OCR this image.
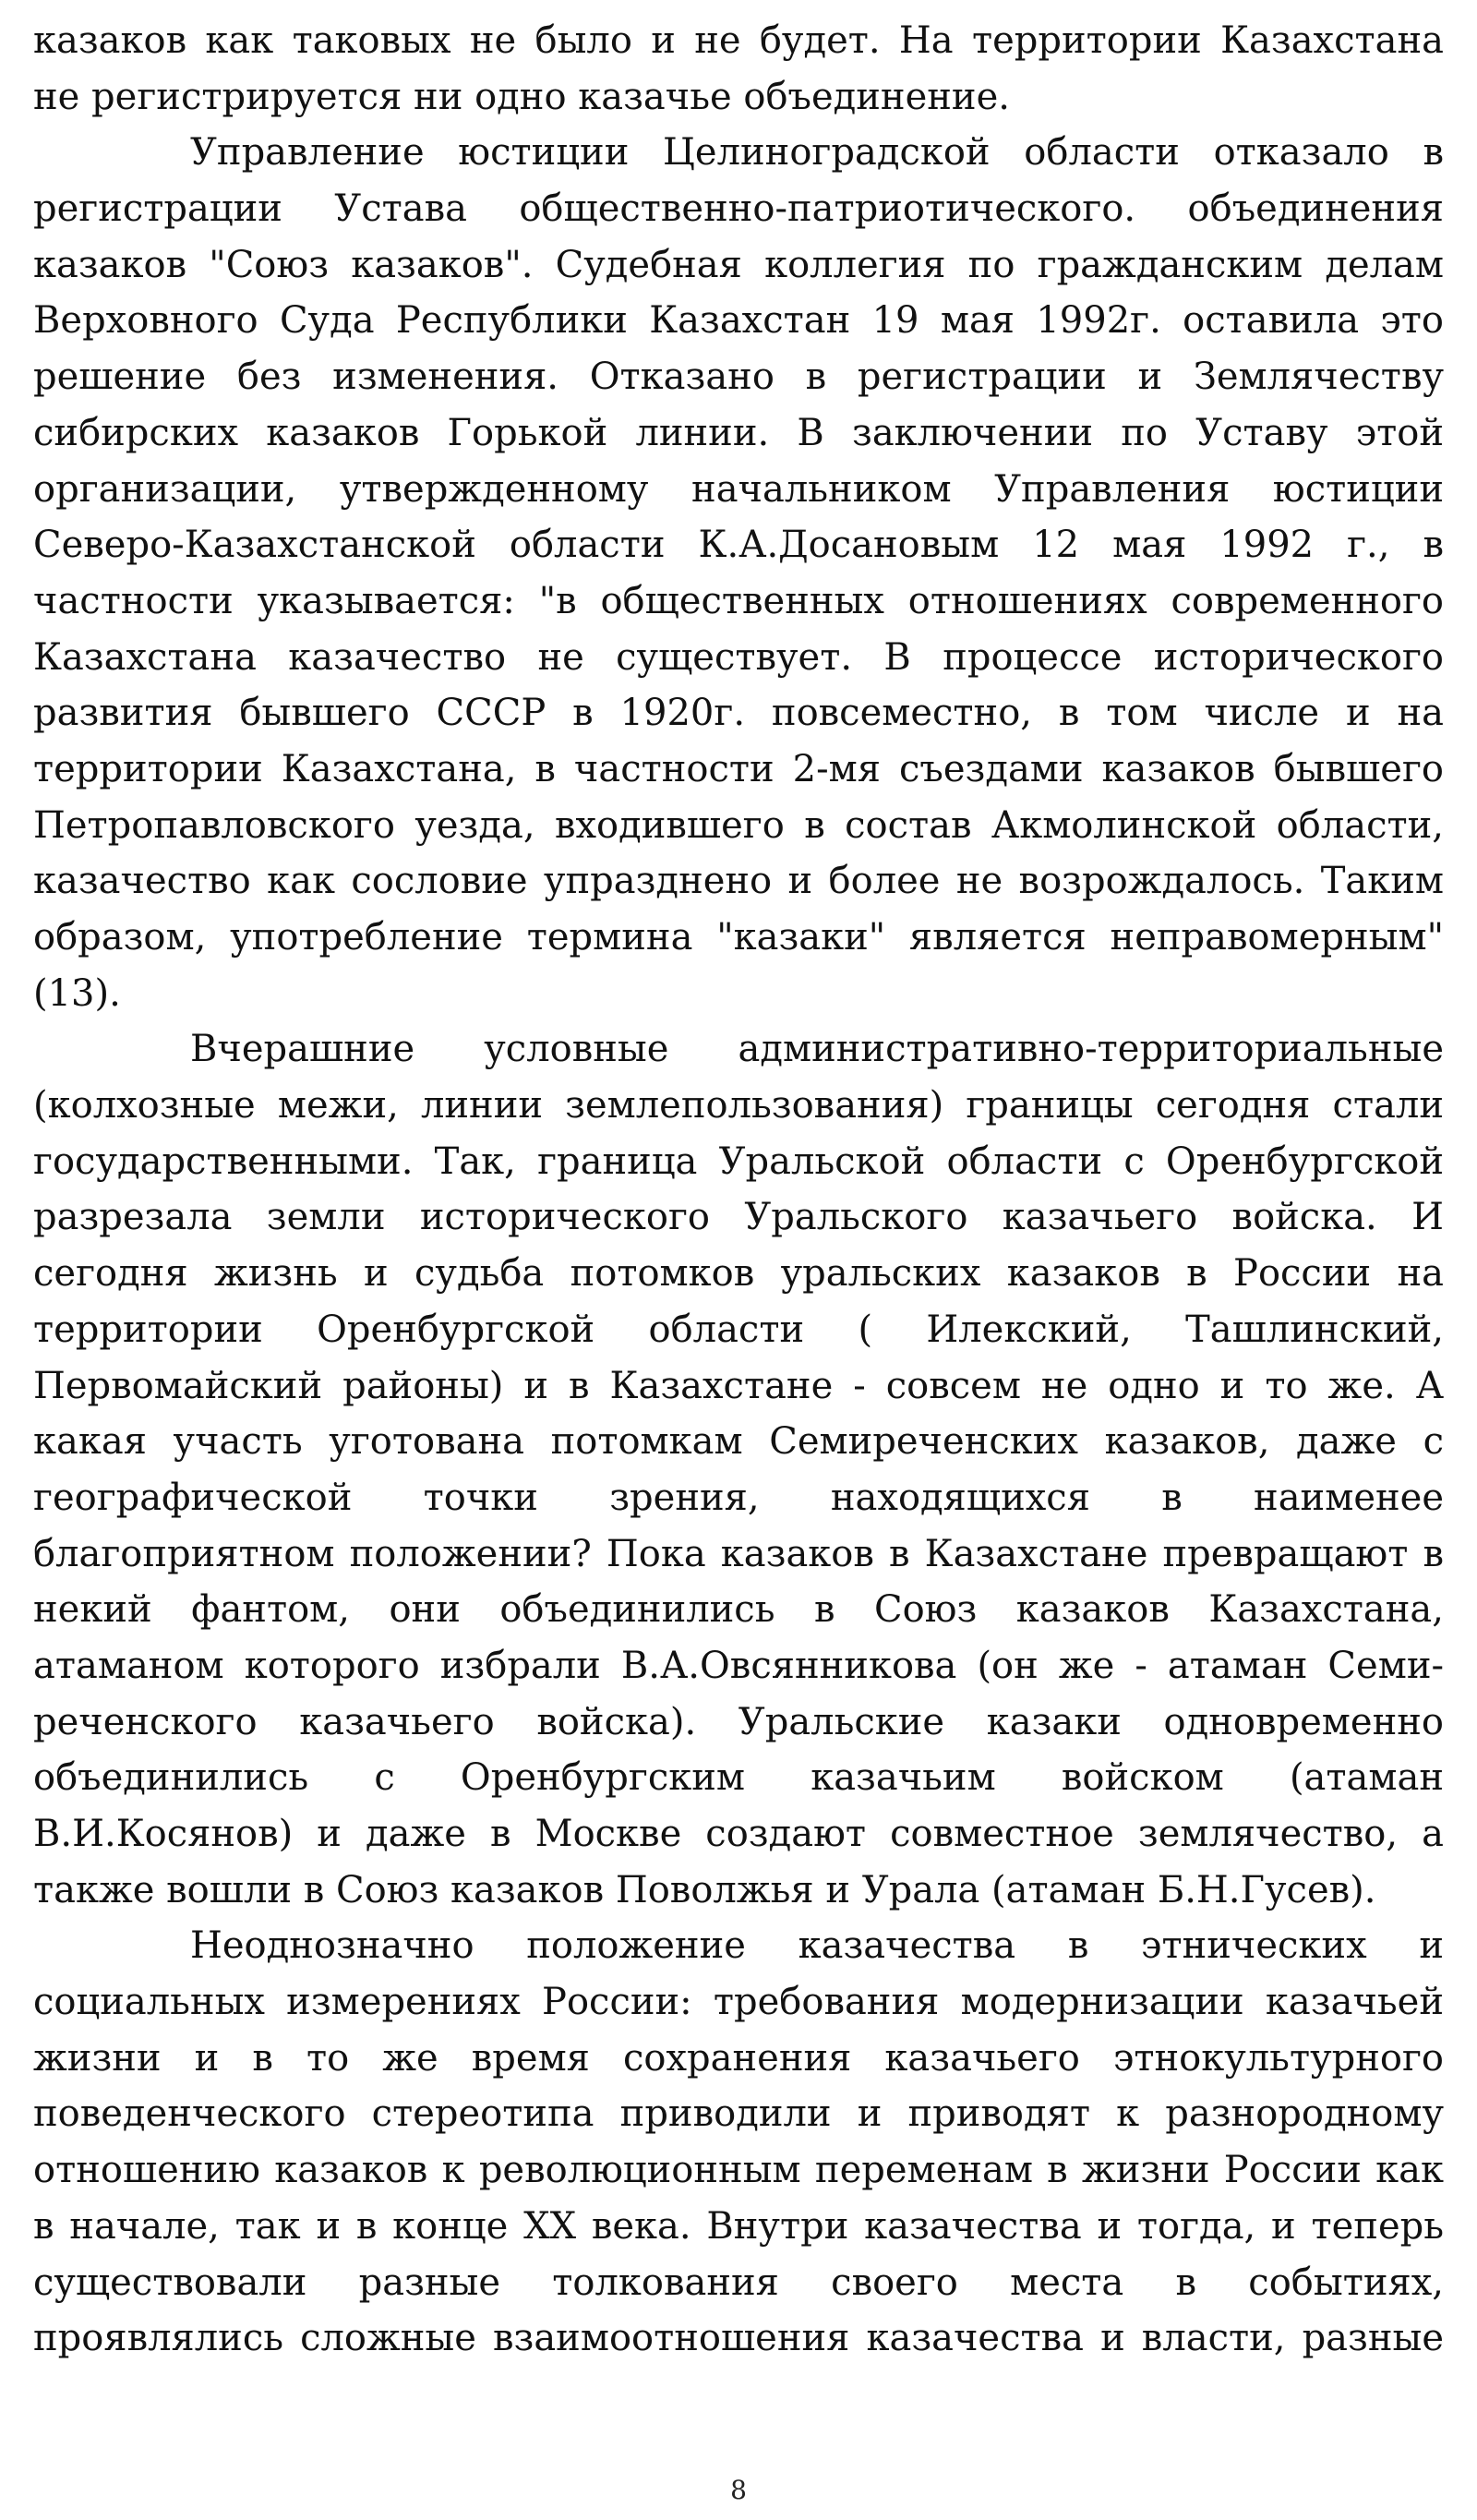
казаков как таковых не было и не будет. На территории Казахстана
не регистрируется ни одно казачье объединение.
Управление юстиции Целиноградской области отказало в
регистрации Устава общественно-патриотического. объединения
казаков "Союз казаков". Судебная коллегия по гражданским делам
Верховного Суда Республики Казахстан 19 мая 1992г. оставила это
решение без изменения. Отказано в регистрации и Землячеству
сибирских казаков Горькой линии. В заключении по Уставу этой
организации, утвержденному начальником Управления юстиции
Северо-Казахстанской области К.А.Досановым 12 мая 1992 г., в
частности указывается: "в общественных отношениях современного
Казахстана казачество не существует. В процессе исторического
развития бывшего СССР в 1920г. повсеместно, в том числе и на
территории Казахстана, в частности 2-мя съездами казаков бывшего
Петропавловского уезда, входившего в состав Акмолинской области,
казачество как сословие упразднено и более не возрождалось. Таким
образом, употребление термина "казаки" является неправомерным"
(13).
Вчерашние условные административно-территориальные
(колхозные межи, линии землепользования) границы сегодня стали
государственными. Так, граница Уральской области с Оренбургской
разрезала земли исторического Уральского казачьего войска. И
сегодня жизнь и судьба потомков уральских казаков в России на
территории Оренбургской области ( Илекский, Ташлинский,
Первомайский районы) и в Казахстане - совсем не одно и то же. А
какая участь уготована потомкам Семиреченских казаков, даже с
географической точки зрения, находящихся в наименее
благоприятном положении? Пока казаков в Казахстане превращают в
некий фантом, они объединились в Союз казаков Казахстана,
атаманом которого избрали В.А.Овсянникова (он же - атаман Семи-
реченского казачьего войска). Уральские казаки одновременно
объединились с Оренбургским казачьим войском (атаман
В.И.Косянов) и даже в Москве создают совместное землячество, а
также вошли в Союз казаков Поволжья и Урала (атаман Б.Н.Гусев).
Неоднозначно положение казачества в этнических и
социальных измерениях России: требования модернизации казачьей
жизни и в то же время сохранения казачьего этнокультурного
поведенческого стереотипа приводили и приводят к разнородному
отношению казаков к революционным переменам в жизни России как
в начале, так и в конце XX века. Внутри казачества и тогда, и теперь
существовали разные толкования своего места в событиях,
проявлялись сложные взаимоотношения казачества и власти, разные
8
